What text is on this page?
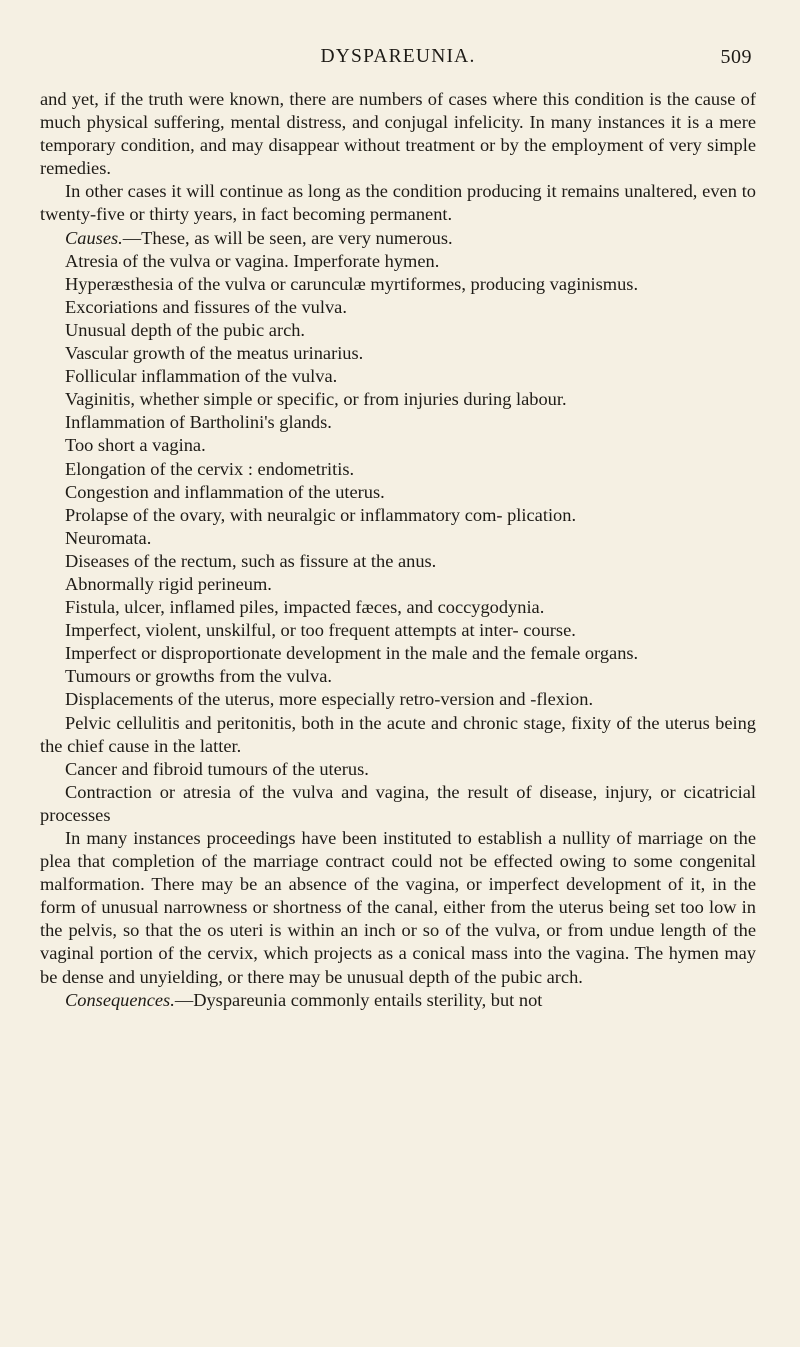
DYSPAREUNIA.	509

and yet, if the truth were known, there are numbers of cases where this condition is the cause of much physical suffering, mental distress, and conjugal infelicity. In many instances it is a mere temporary condition, and may disappear without treatment or by the employment of very simple remedies.

In other cases it will continue as long as the condition producing it remains unaltered, even to twenty-five or thirty years, in fact becoming permanent.

Causes.—These, as will be seen, are very numerous.

Atresia of the vulva or vagina. Imperforate hymen.

Hyperæsthesia of the vulva or carunculæ myrtiformes, producing vaginismus.

Excoriations and fissures of the vulva.

Unusual depth of the pubic arch.

Vascular growth of the meatus urinarius.

Follicular inflammation of the vulva.

Vaginitis, whether simple or specific, or from injuries during labour.

Inflammation of Bartholini's glands.

Too short a vagina.

Elongation of the cervix : endometritis.

Congestion and inflammation of the uterus.

Prolapse of the ovary, with neuralgic or inflammatory com- plication.

Neuromata.

Diseases of the rectum, such as fissure at the anus.

Abnormally rigid perineum.

Fistula, ulcer, inflamed piles, impacted fæces, and coccygodynia.

Imperfect, violent, unskilful, or too frequent attempts at inter- course.

Imperfect or disproportionate development in the male and the female organs.

Tumours or growths from the vulva.

Displacements of the uterus, more especially retro-version and -flexion.

Pelvic cellulitis and peritonitis, both in the acute and chronic stage, fixity of the uterus being the chief cause in the latter.

Cancer and fibroid tumours of the uterus.

Contraction or atresia of the vulva and vagina, the result of disease, injury, or cicatricial processes

In many instances proceedings have been instituted to establish a nullity of marriage on the plea that completion of the marriage contract could not be effected owing to some congenital malformation. There may be an absence of the vagina, or imperfect development of it, in the form of unusual narrowness or shortness of the canal, either from the uterus being set too low in the pelvis, so that the os uteri is within an inch or so of the vulva, or from undue length of the vaginal portion of the cervix, which projects as a conical mass into the vagina. The hymen may be dense and unyielding, or there may be unusual depth of the pubic arch.

Consequences.—Dyspareunia commonly entails sterility, but not
